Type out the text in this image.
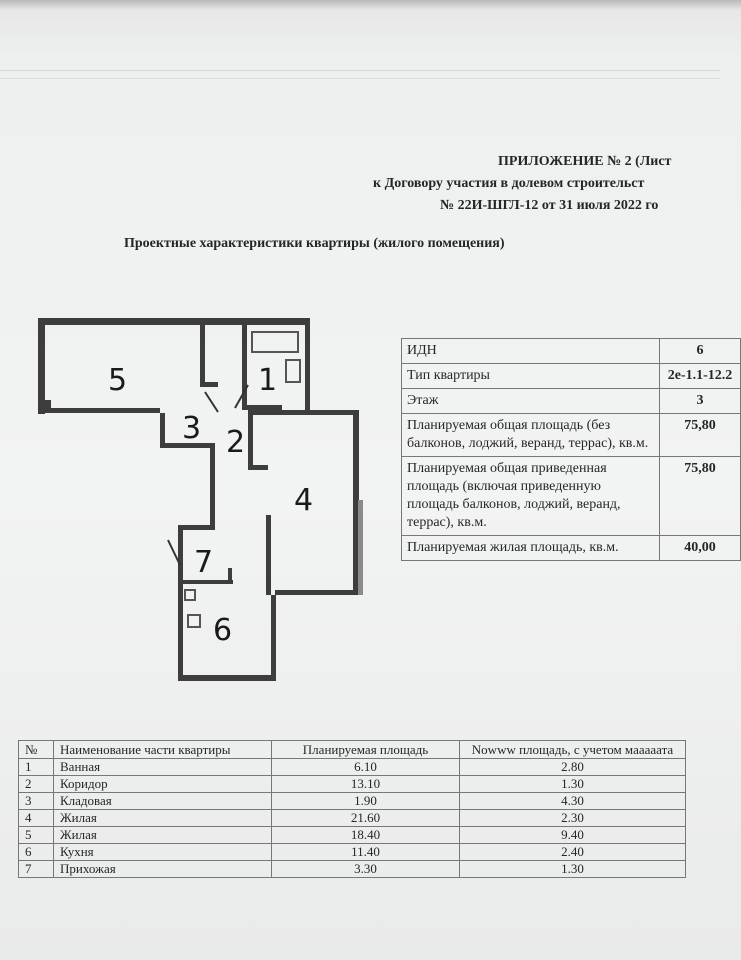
ПРИЛОЖЕНИЕ № 2 (Лист
к Договору участия в долевом строительст
№ 22И-ШГЛ-12 от 31 июля 2022 го
Проектные характеристики квартиры (жилого помещения)
5	1
3 2
4
7
6
ИДН	6
Тип квартиры	2е-1.1-12.2
Этаж	3
Планируемая общая площадь (без балконов, лоджий, веранд, террас), кв.м.	75,80
Планируемая общая приведенная площадь (включая приведенную площадь балконов, лоджий, веранд, террас), кв.м.	75,80
Планируемая жилая площадь, кв.м.	40,00
№	Наименование части квартиры	Планируемая площадь	Nowww площадь, с учетом мааааата
1	Ванная	6.10	2.80
2	Коридор	13.10	1.30
3	Кладовая	1.90	4.30
4	Жилая	21.60	2.30
5	Жилая	18.40	9.40
6	Кухня	11.40	2.40
7	Прихожая	3.30	1.30
